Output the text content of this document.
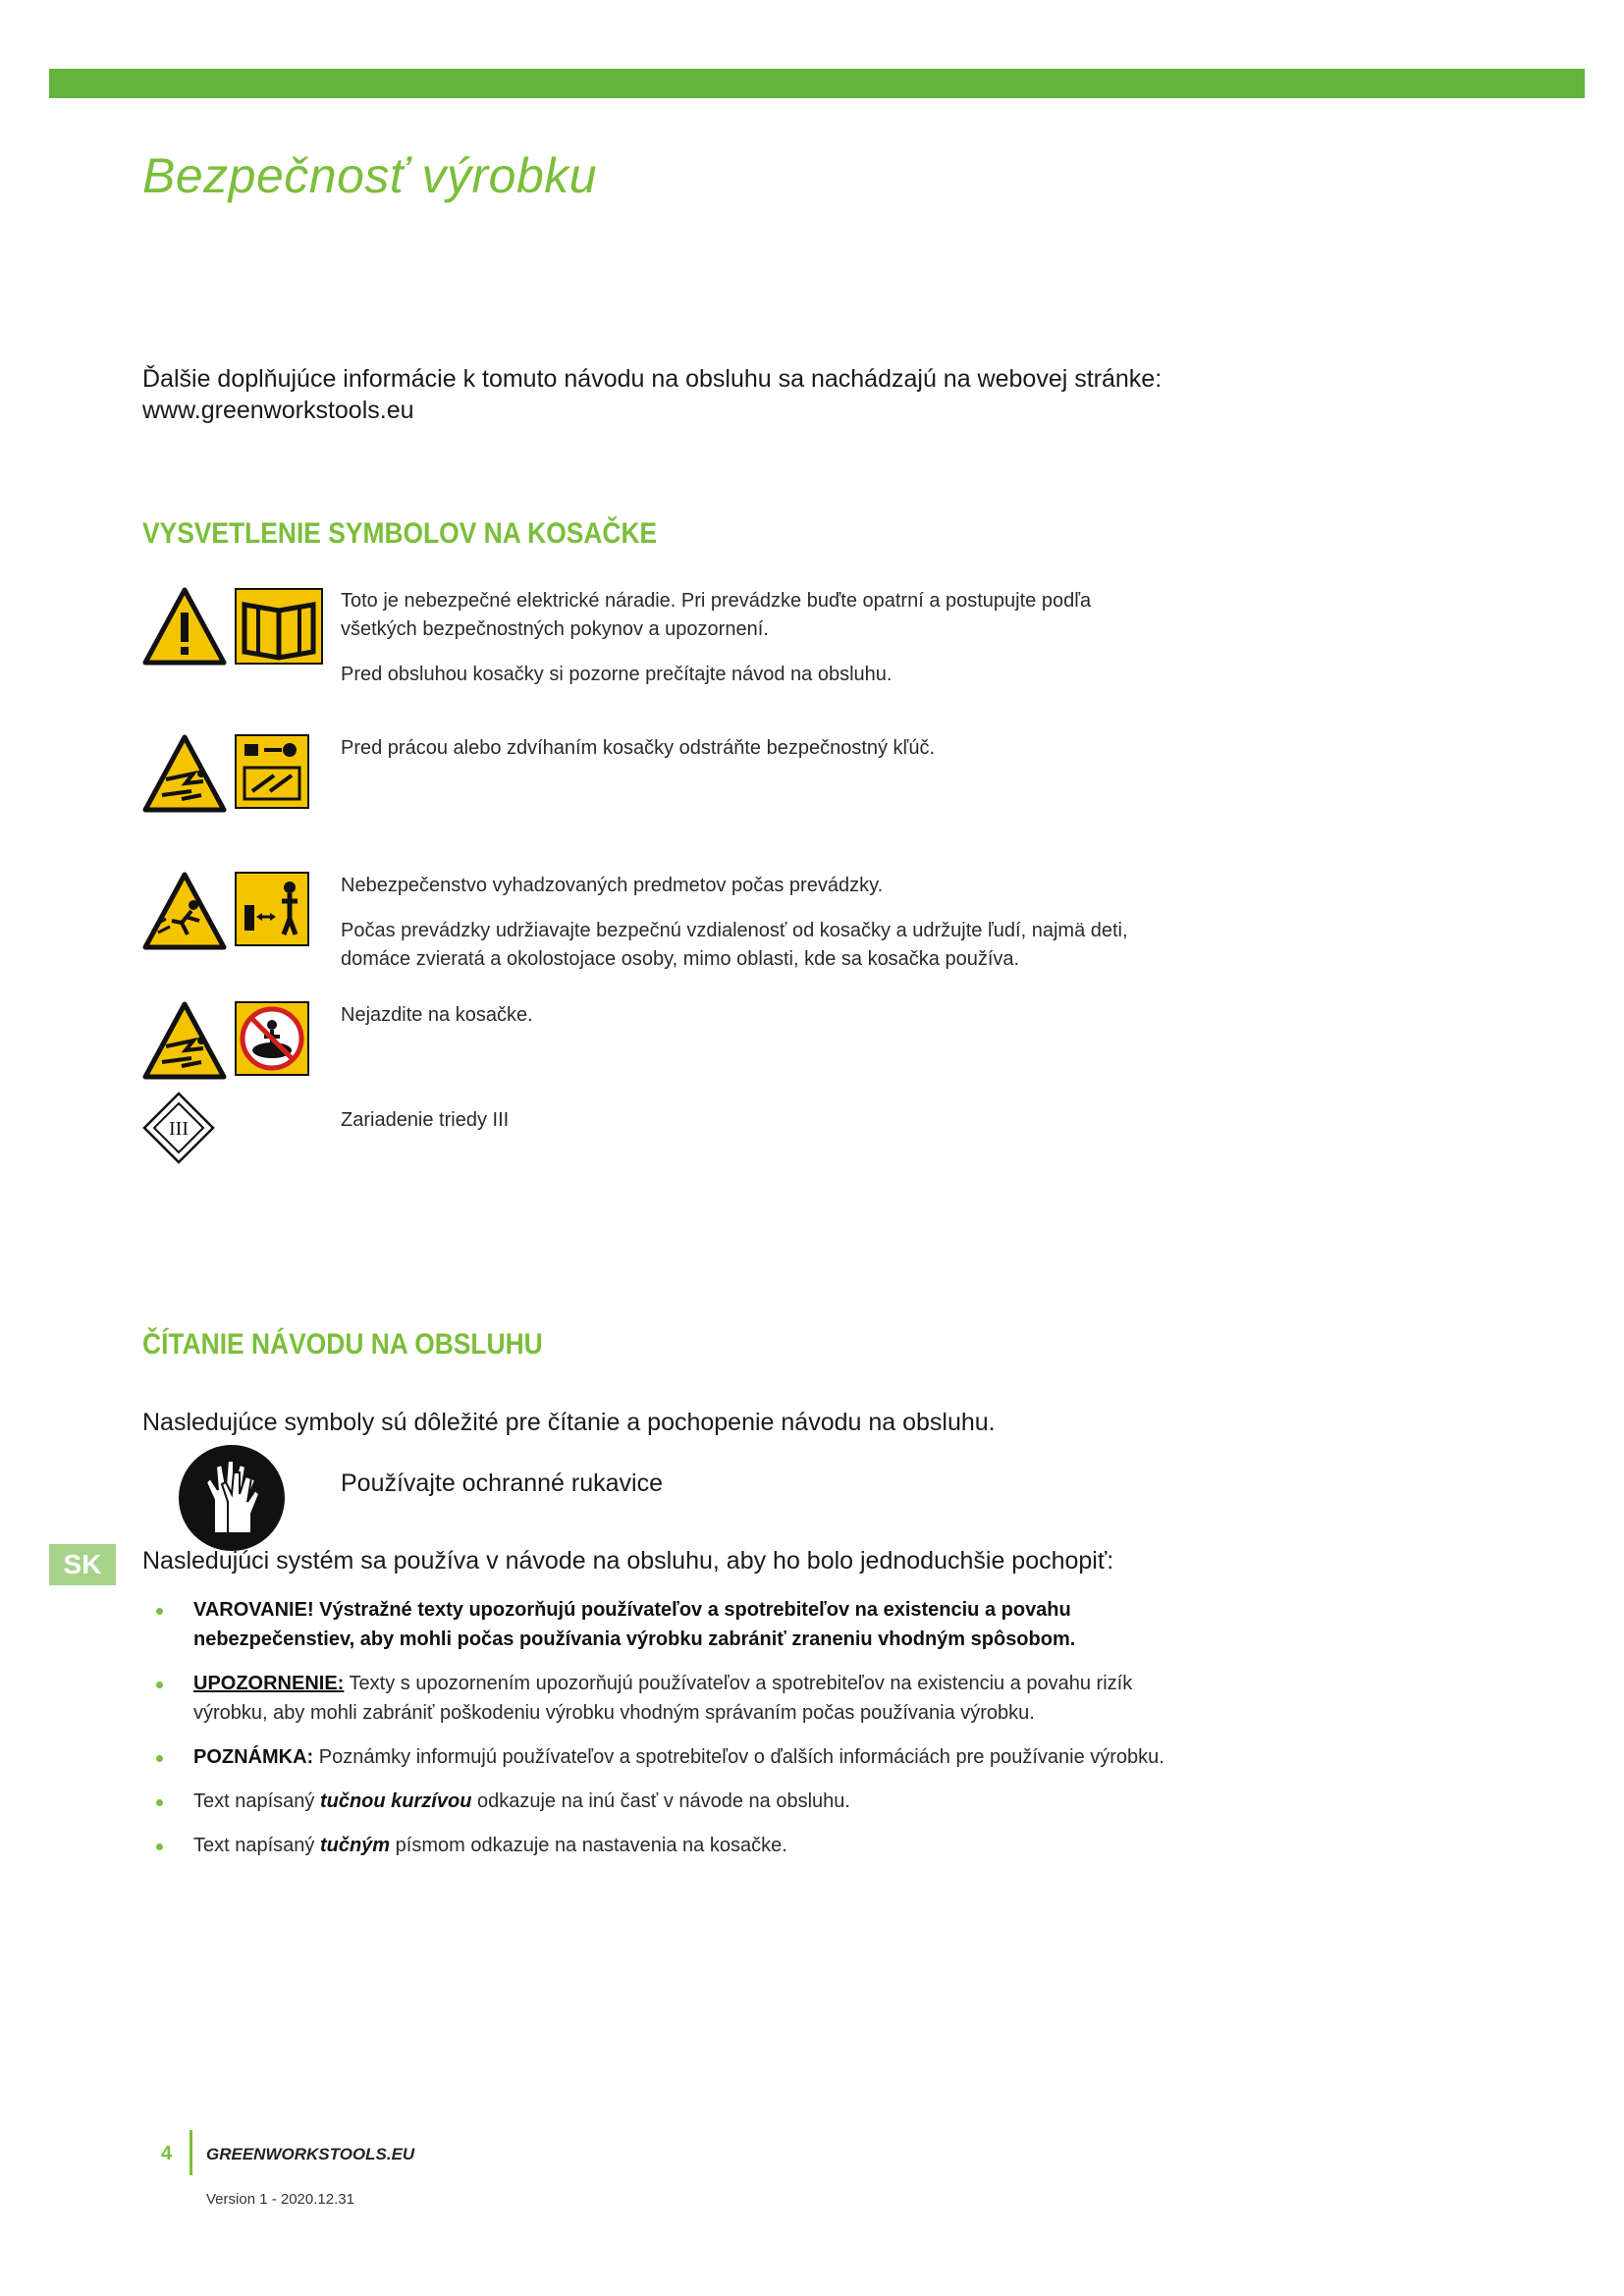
Bezpečnosť výrobku

Ďalšie doplňujúce informácie k tomuto návodu na obsluhu sa nachádzajú na webovej stránke: www.greenworkstools.eu

VYSVETLENIE SYMBOLOV NA KOSAČKE

Toto je nebezpečné elektrické náradie. Pri prevádzke buďte opatrní a postupujte podľa všetkých bezpečnostných pokynov a upozornení.

Pred obsluhou kosačky si pozorne prečítajte návod na obsluhu.

Pred prácou alebo zdvíhaním kosačky odstráňte bezpečnostný kľúč.

Nebezpečenstvo vyhadzovaných predmetov počas prevádzky.

Počas prevádzky udržiavajte bezpečnú vzdialenosť od kosačky a udržujte ľudí, najmä deti, domáce zvieratá a okolostojace osoby, mimo oblasti, kde sa kosačka používa.

Nejazdite na kosačke.

III	Zariadenie triedy III

ČÍTANIE NÁVODU NA OBSLUHU

Nasledujúce symboly sú dôležité pre čítanie a pochopenie návodu na obsluhu.

Používajte ochranné rukavice

SK	Nasledujúci systém sa používa v návode na obsluhu, aby ho bolo jednoduchšie pochopiť:

VAROVANIE! Výstražné texty upozorňujú používateľov a spotrebiteľov na existenciu a povahu nebezpečenstiev, aby mohli počas používania výrobku zabrániť zraneniu vhodným spôsobom.
UPOZORNENIE: Texty s upozornením upozorňujú používateľov a spotrebiteľov na existenciu a povahu rizík výrobku, aby mohli zabrániť poškodeniu výrobku vhodným správaním počas používania výrobku.
POZNÁMKA: Poznámky informujú používateľov a spotrebiteľov o ďalších informáciách pre používanie výrobku.
Text napísaný tučnou kurzívou odkazuje na inú časť v návode na obsluhu.
Text napísaný tučným písmom odkazuje na nastavenia na kosačke.
4 GREENWORKSTOOLS.EU
Version 1 - 2020.12.31
